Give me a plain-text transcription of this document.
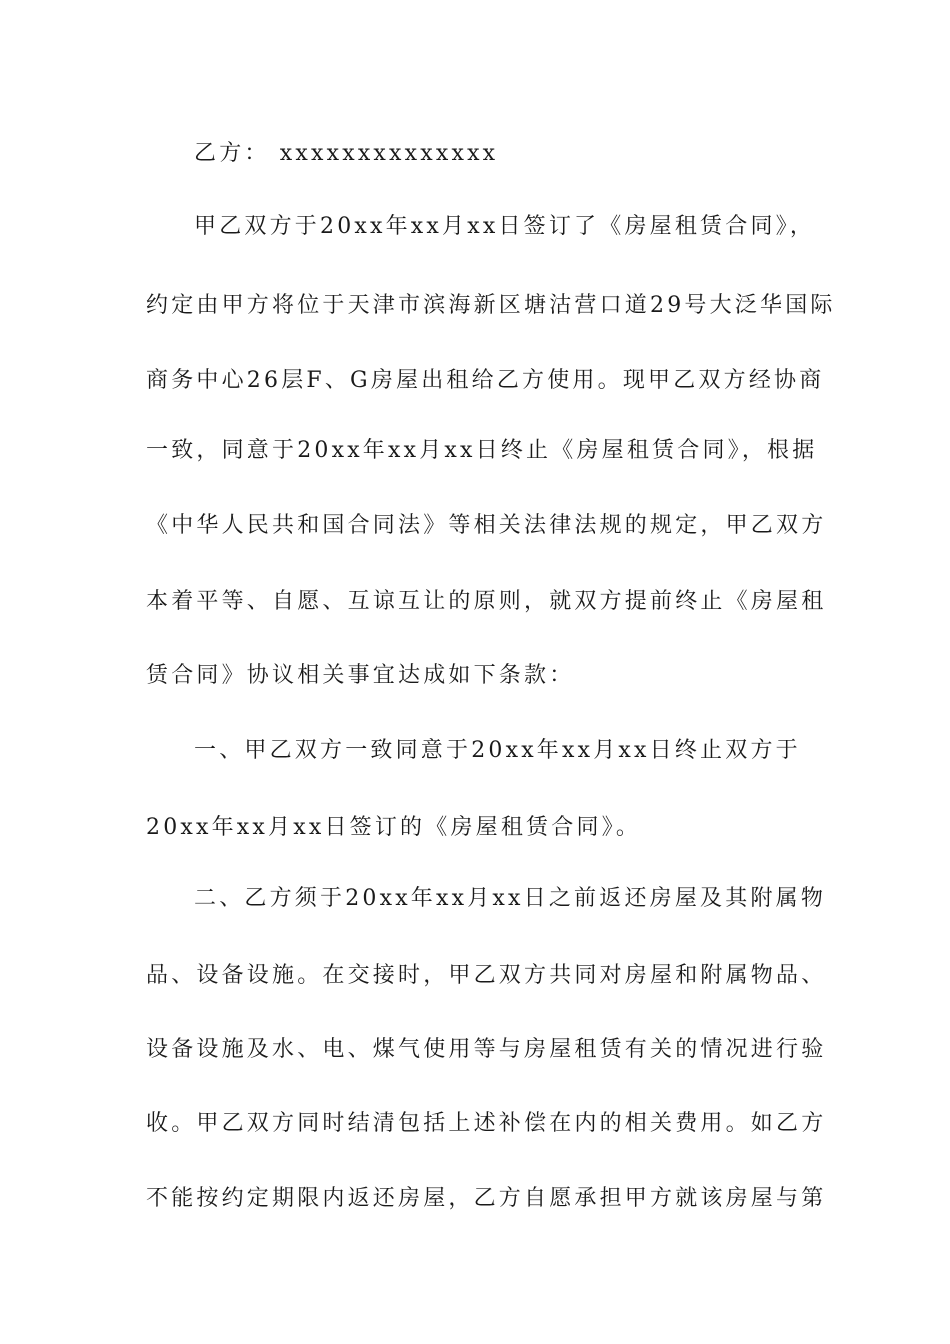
乙方： xxxxxxxxxxxxxx
甲乙双方于20xx年xx月xx日签订了《房屋租赁合同》，
约定由甲方将位于天津市滨海新区塘沽营口道29号大泛华国际
商务中心26层F、G房屋出租给乙方使用。现甲乙双方经协商
一致，同意于20xx年xx月xx日终止《房屋租赁合同》，根据
《中华人民共和国合同法》等相关法律法规的规定，甲乙双方
本着平等、自愿、互谅互让的原则，就双方提前终止《房屋租
赁合同》协议相关事宜达成如下条款：
一、甲乙双方一致同意于20xx年xx月xx日终止双方于
20xx年xx月xx日签订的《房屋租赁合同》。
二、乙方须于20xx年xx月xx日之前返还房屋及其附属物
品、设备设施。在交接时，甲乙双方共同对房屋和附属物品、
设备设施及水、电、煤气使用等与房屋租赁有关的情况进行验
收。甲乙双方同时结清包括上述补偿在内的相关费用。如乙方
不能按约定期限内返还房屋，乙方自愿承担甲方就该房屋与第
